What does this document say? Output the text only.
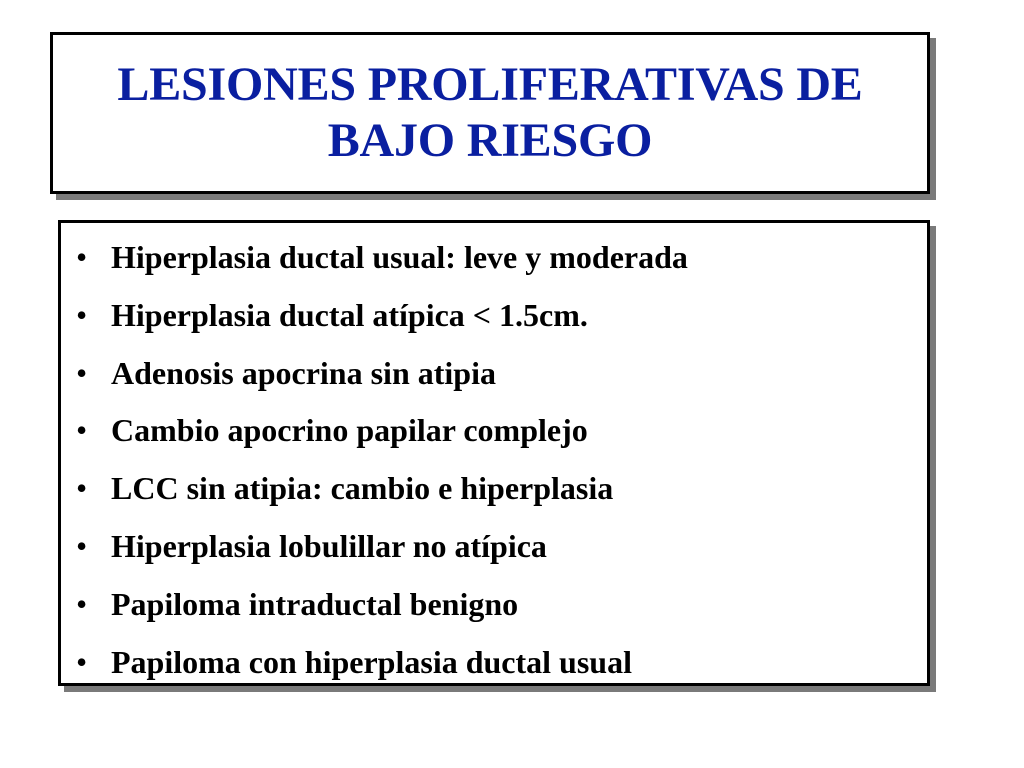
LESIONES PROLIFERATIVAS DE
BAJO RIESGO
• Hiperplasia ductal usual: leve y moderada
• Hiperplasia ductal atípica < 1.5cm.
• Adenosis apocrina sin atipia
• Cambio apocrino papilar complejo
• LCC sin atipia: cambio e hiperplasia
• Hiperplasia lobulillar no atípica
• Papiloma intraductal benigno
• Papiloma con hiperplasia ductal usual
